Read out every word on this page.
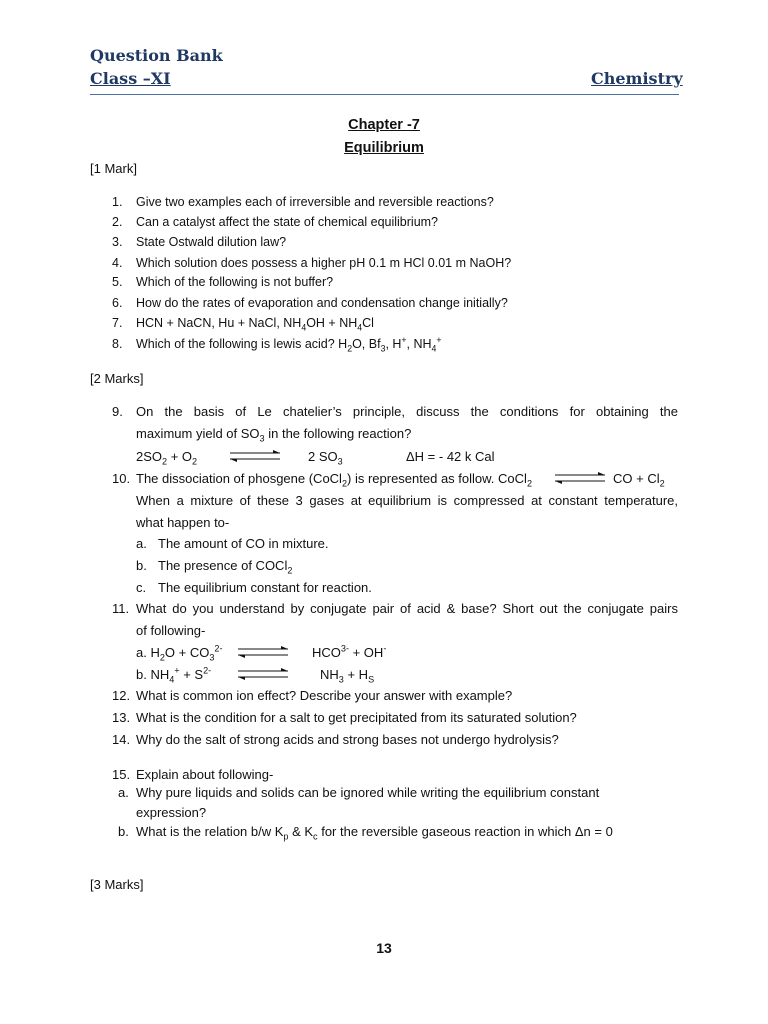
Question Bank
Class –XI	Chemistry
Chapter -7
Equilibrium
[1 Mark]
1.	Give two examples each of irreversible and reversible reactions?
2.	Can a catalyst affect the state of chemical equilibrium?
3.	State Ostwald dilution law?
4.	Which solution does possess a higher pH 0.1 m HCl 0.01 m NaOH?
5.	Which of the following is not buffer?
6.	How do the rates of evaporation and condensation change initially?
7.	HCN + NaCN, Hu + NaCl, $NH_4OH + NH_4Cl$
8.	Which of the following is lewis acid? $H_2O$, $Bf_3$, H+, $NH_4^+$
[2 Marks]
9.	On the basis of Le chatelier’s principle, discuss the conditions for obtaining the
maximum yield of $SO_3$ in the following reaction?
$2SO_2 + O_2$	2 $SO_3$	ΔH = - 42 k Cal
10. The dissociation of phosgene (CoCl$_2$) is represented as follow. CoCl$_2$ ⇌ CO + $Cl_2$
When a mixture of these 3 gases at equilibrium is compressed at constant temperature,
what happen to-
a. The amount of CO in mixture.
b. The presence of COCl$_2$
c. The equilibrium constant for reaction.
11. What do you understand by conjugate pair of acid & base? Short out the conjugate pairs
of following-
a. $H_2O + CO_3^{2-}$ ⇌ $HCO^{3-} + OH^-$
b. $NH_4^+ + S^{2-}$	$NH_3 + H_S$
12. What is common ion effect? Describe your answer with example?
13. What is the condition for a salt to get precipitated from its saturated solution?
14. Why do the salt of strong acids and strong bases not undergo hydrolysis?
15. Explain about following-
a. Why pure liquids and solids can be ignored while writing the equilibrium constant
expression?
b. What is the relation b/w $K_p$ & $K_c$ for the reversible gaseous reaction in which Δn = 0
[3 Marks]
13
